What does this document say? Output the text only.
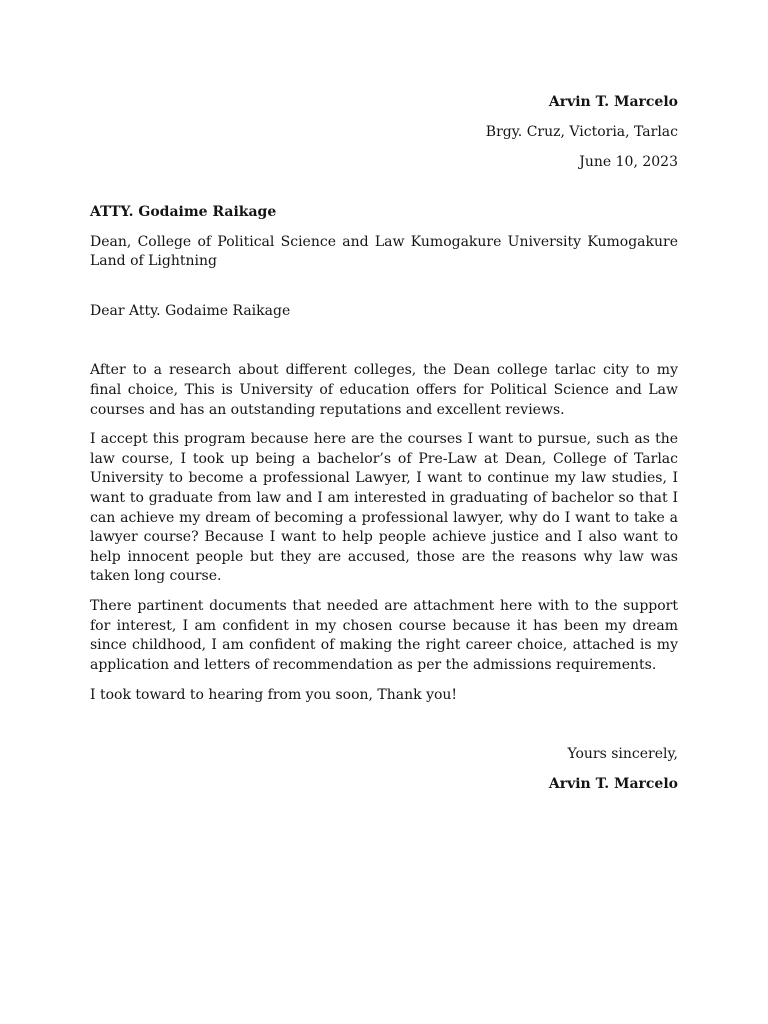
Arvin T. Marcelo
Brgy. Cruz, Victoria, Tarlac
June 10, 2023
ATTY. Godaime Raikage
Dean, College of Political Science and Law Kumogakure University Kumogakure Land of Lightning
Dear Atty. Godaime Raikage

After to a research about different colleges, the Dean college tarlac city to my final choice, This is University of education offers for Political Science and Law courses and has an outstanding reputations and excellent reviews.

I accept this program because here are the courses I want to pursue, such as the law course, I took up being a bachelor’s of Pre-Law at Dean, College of Tarlac University to become a professional Lawyer, I want to continue my law studies, I want to graduate from law and I am interested in graduating of bachelor so that I can achieve my dream of becoming a professional lawyer, why do I want to take a lawyer course? Because I want to help people achieve justice and I also want to help innocent people but they are accused, those are the reasons why law was taken long course.

There partinent documents that needed are attachment here with to the support for interest, I am confident in my chosen course because it has been my dream since childhood, I am confident of making the right career choice, attached is my application and letters of recommendation as per the admissions requirements.

I took toward to hearing from you soon, Thank you!

Yours sincerely,
Arvin T. Marcelo
